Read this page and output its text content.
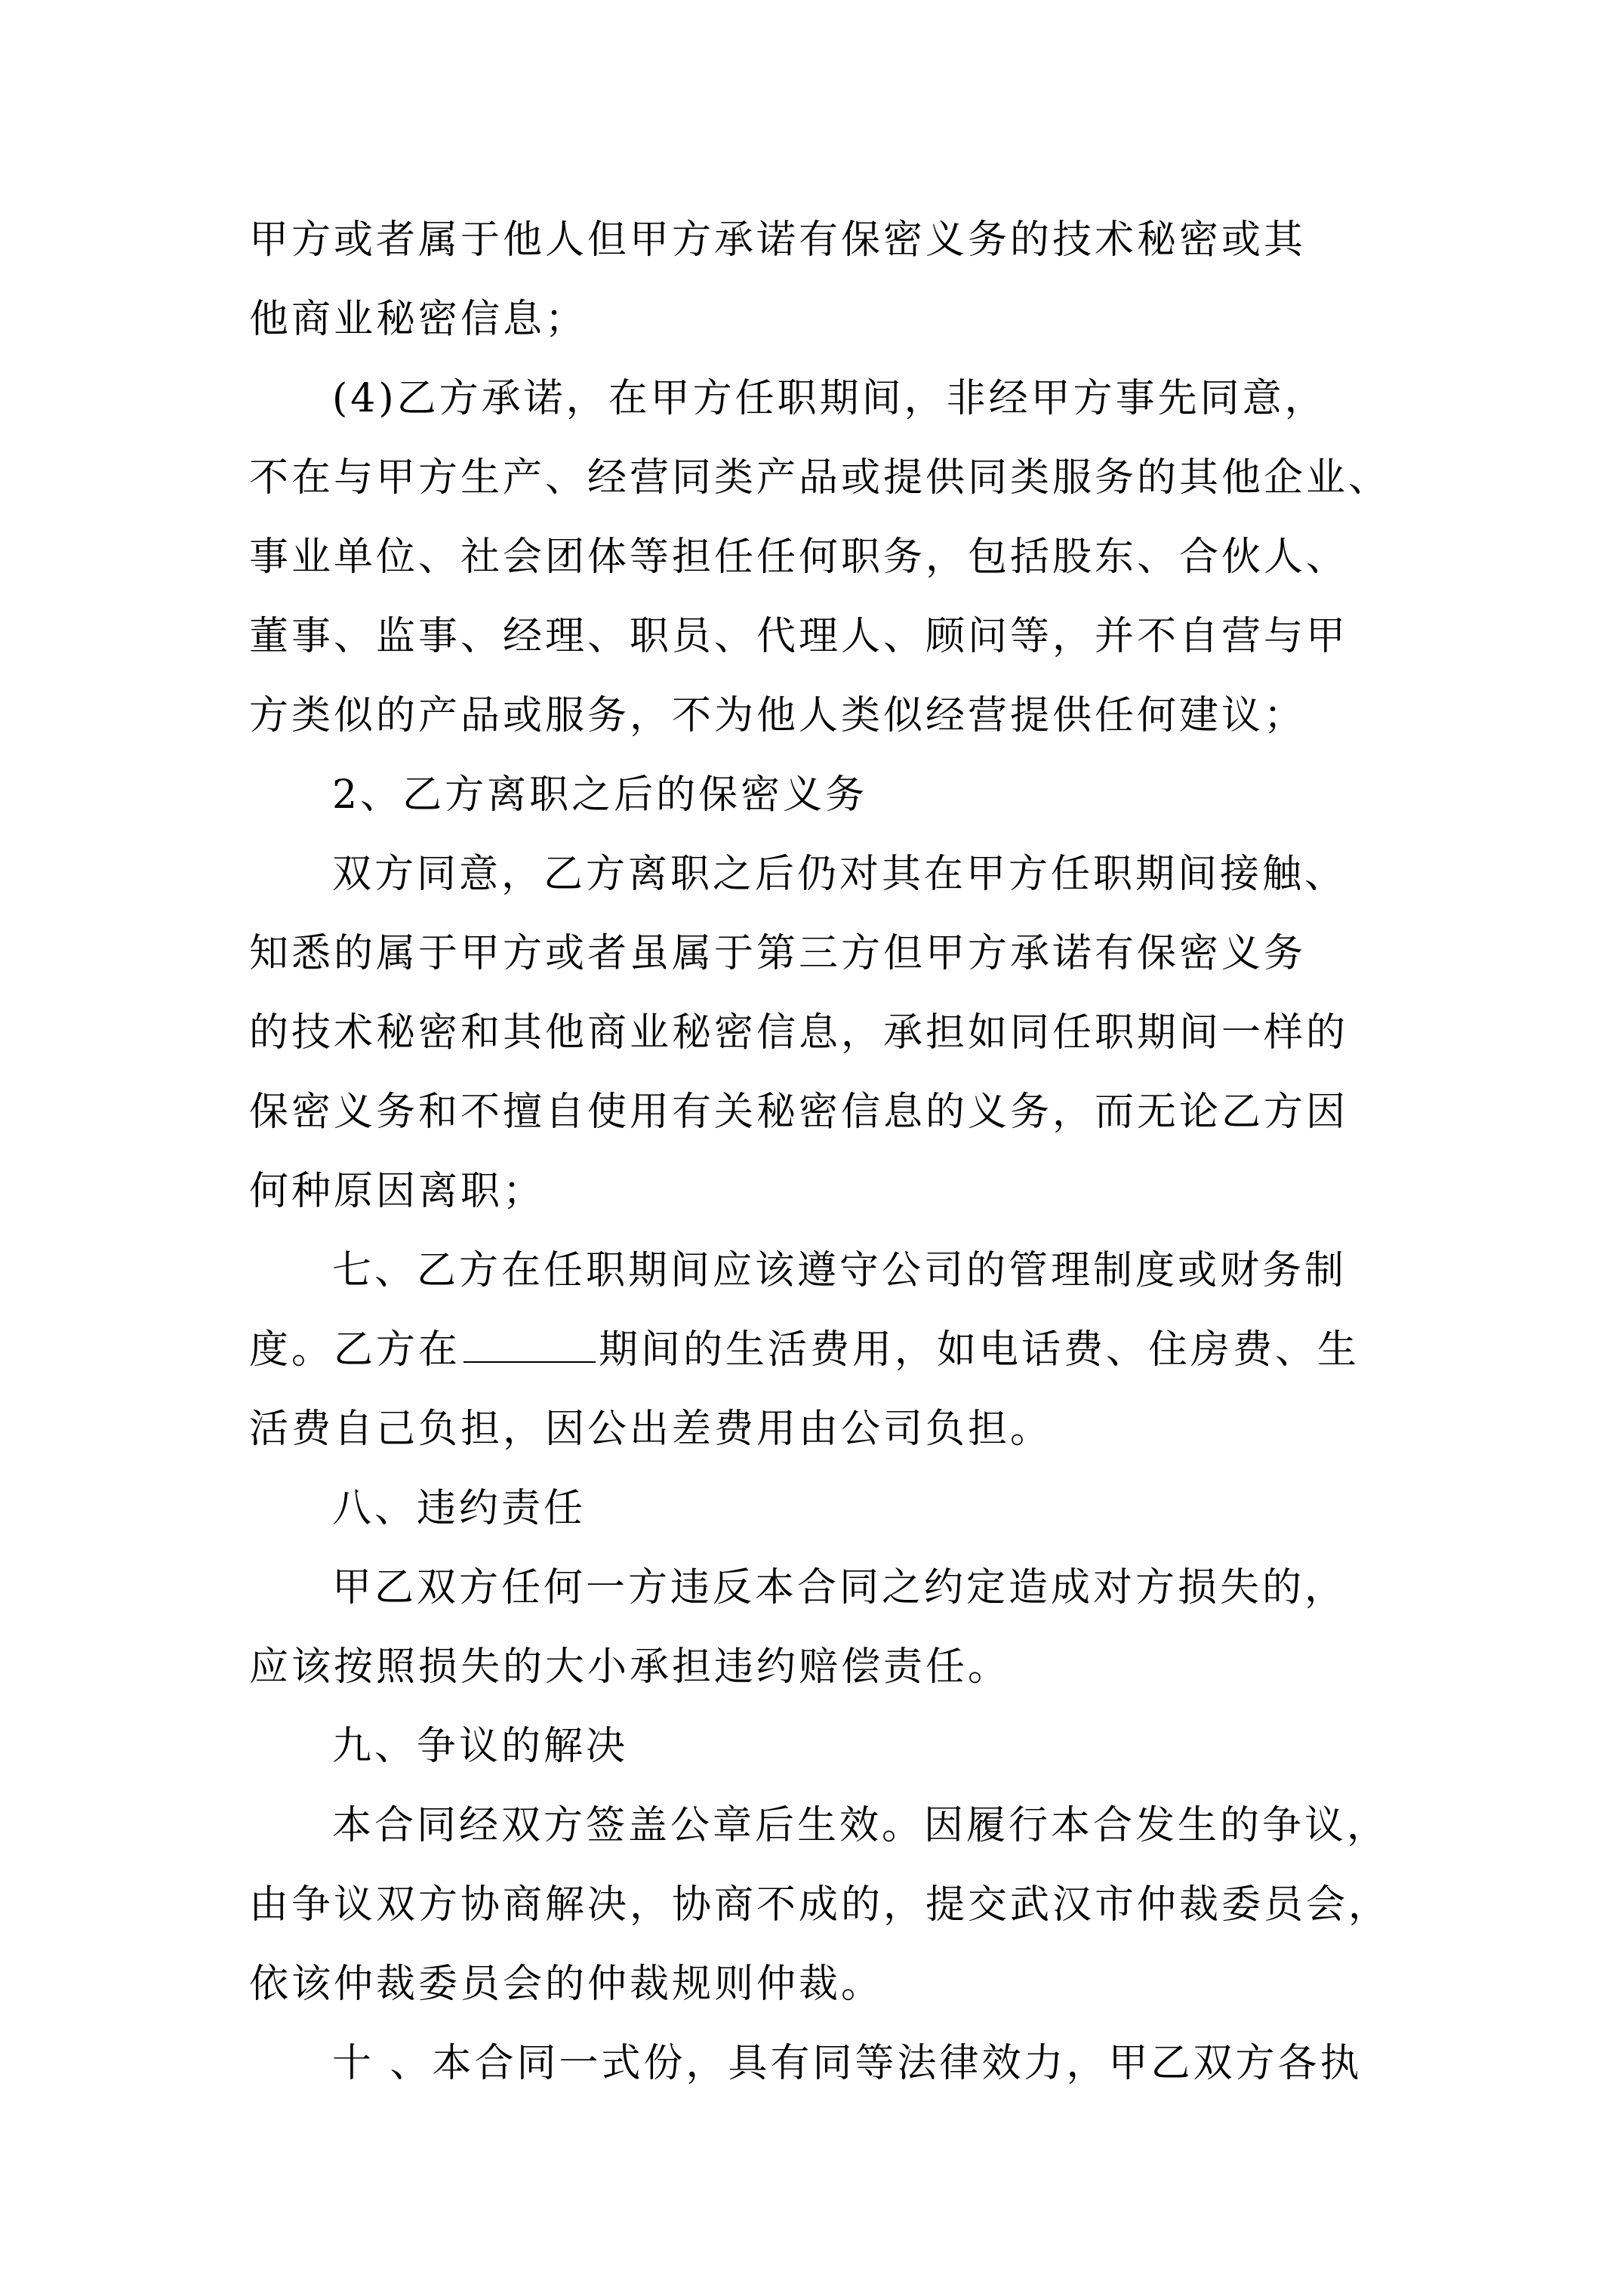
甲方或者属于他人但甲方承诺有保密义务的技术秘密或其
他商业秘密信息；
(4)乙方承诺，在甲方任职期间，非经甲方事先同意，
不在与甲方生产、经营同类产品或提供同类服务的其他企业、
事业单位、社会团体等担任任何职务，包括股东、合伙人、
董事、监事、经理、职员、代理人、顾问等，并不自营与甲
方类似的产品或服务，不为他人类似经营提供任何建议；
2、乙方离职之后的保密义务
双方同意，乙方离职之后仍对其在甲方任职期间接触、
知悉的属于甲方或者虽属于第三方但甲方承诺有保密义务
的技术秘密和其他商业秘密信息，承担如同任职期间一样的
保密义务和不擅自使用有关秘密信息的义务，而无论乙方因
何种原因离职；
七、乙方在任职期间应该遵守公司的管理制度或财务制
度。乙方在	期间的生活费用，如电话费、住房费、生
活费自己负担，因公出差费用由公司负担。
八、违约责任
甲乙双方任何一方违反本合同之约定造成对方损失的，
应该按照损失的大小承担违约赔偿责任。
九、争议的解决
本合同经双方签盖公章后生效。因履行本合发生的争议，
由争议双方协商解决，协商不成的，提交武汉市仲裁委员会，
依该仲裁委员会的仲裁规则仲裁。
十 、本合同一式份，具有同等法律效力，甲乙双方各执
